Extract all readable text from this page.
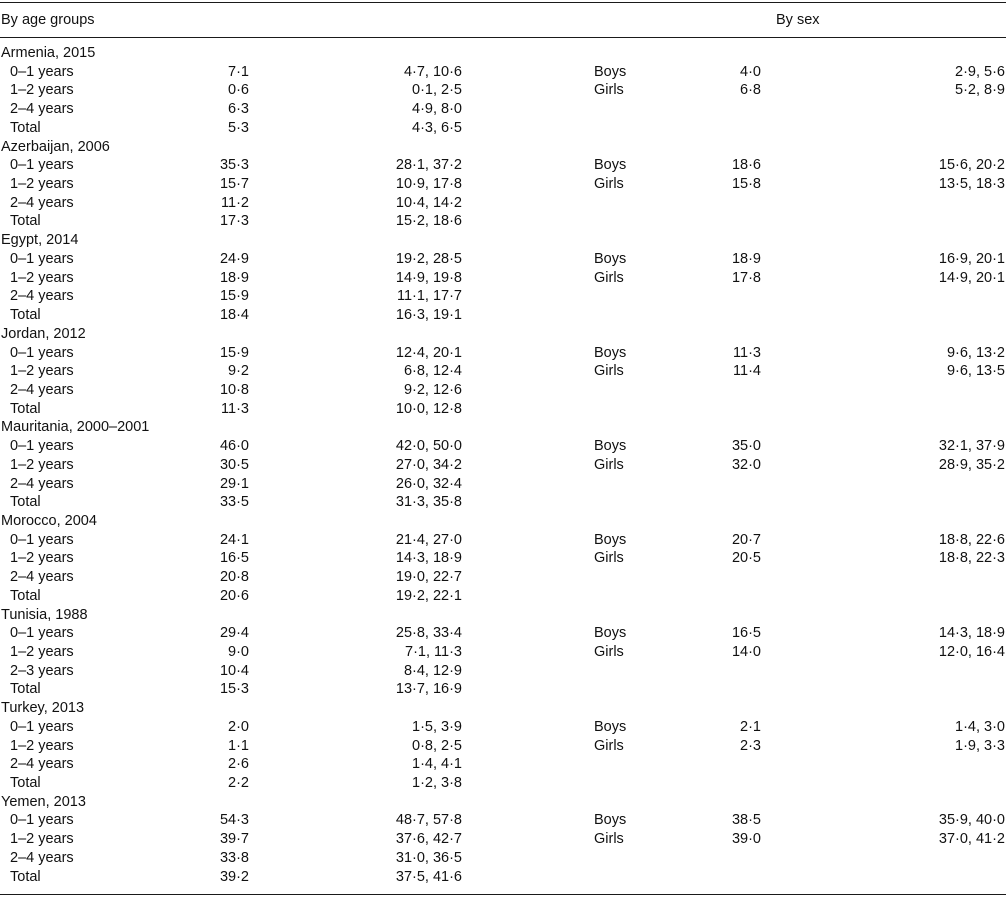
By age groups	By sex
Armenia, 2015
0–1 years	7·1	4·7, 10·6	Boys	4·0	2·9, 5·6
1–2 years	0·6	0·1, 2·5	Girls	6·8	5·2, 8·9
2–4 years	6·3	4·9, 8·0
Total	5·3	4·3, 6·5
Azerbaijan, 2006
0–1 years	35·3	28·1, 37·2	Boys	18·6	15·6, 20·2
1–2 years	15·7	10·9, 17·8	Girls	15·8	13·5, 18·3
2–4 years	11·2	10·4, 14·2
Total	17·3	15·2, 18·6
Egypt, 2014
0–1 years	24·9	19·2, 28·5	Boys	18·9	16·9, 20·1
1–2 years	18·9	14·9, 19·8	Girls	17·8	14·9, 20·1
2–4 years	15·9	11·1, 17·7
Total	18·4	16·3, 19·1
Jordan, 2012
0–1 years	15·9	12·4, 20·1	Boys	11·3	9·6, 13·2
1–2 years	9·2	6·8, 12·4	Girls	11·4	9·6, 13·5
2–4 years	10·8	9·2, 12·6
Total	11·3	10·0, 12·8
Mauritania, 2000–2001
0–1 years	46·0	42·0, 50·0	Boys	35·0	32·1, 37·9
1–2 years	30·5	27·0, 34·2	Girls	32·0	28·9, 35·2
2–4 years	29·1	26·0, 32·4
Total	33·5	31·3, 35·8
Morocco, 2004
0–1 years	24·1	21·4, 27·0	Boys	20·7	18·8, 22·6
1–2 years	16·5	14·3, 18·9	Girls	20·5	18·8, 22·3
2–4 years	20·8	19·0, 22·7
Total	20·6	19·2, 22·1
Tunisia, 1988
0–1 years	29·4	25·8, 33·4	Boys	16·5	14·3, 18·9
1–2 years	9·0	7·1, 11·3	Girls	14·0	12·0, 16·4
2–3 years	10·4	8·4, 12·9
Total	15·3	13·7, 16·9
Turkey, 2013
0–1 years	2·0	1·5, 3·9	Boys	2·1	1·4, 3·0
1–2 years	1·1	0·8, 2·5	Girls	2·3	1·9, 3·3
2–4 years	2·6	1·4, 4·1
Total	2·2	1·2, 3·8
Yemen, 2013
0–1 years	54·3	48·7, 57·8	Boys	38·5	35·9, 40·0
1–2 years	39·7	37·6, 42·7	Girls	39·0	37·0, 41·2
2–4 years	33·8	31·0, 36·5
Total	39·2	37·5, 41·6
